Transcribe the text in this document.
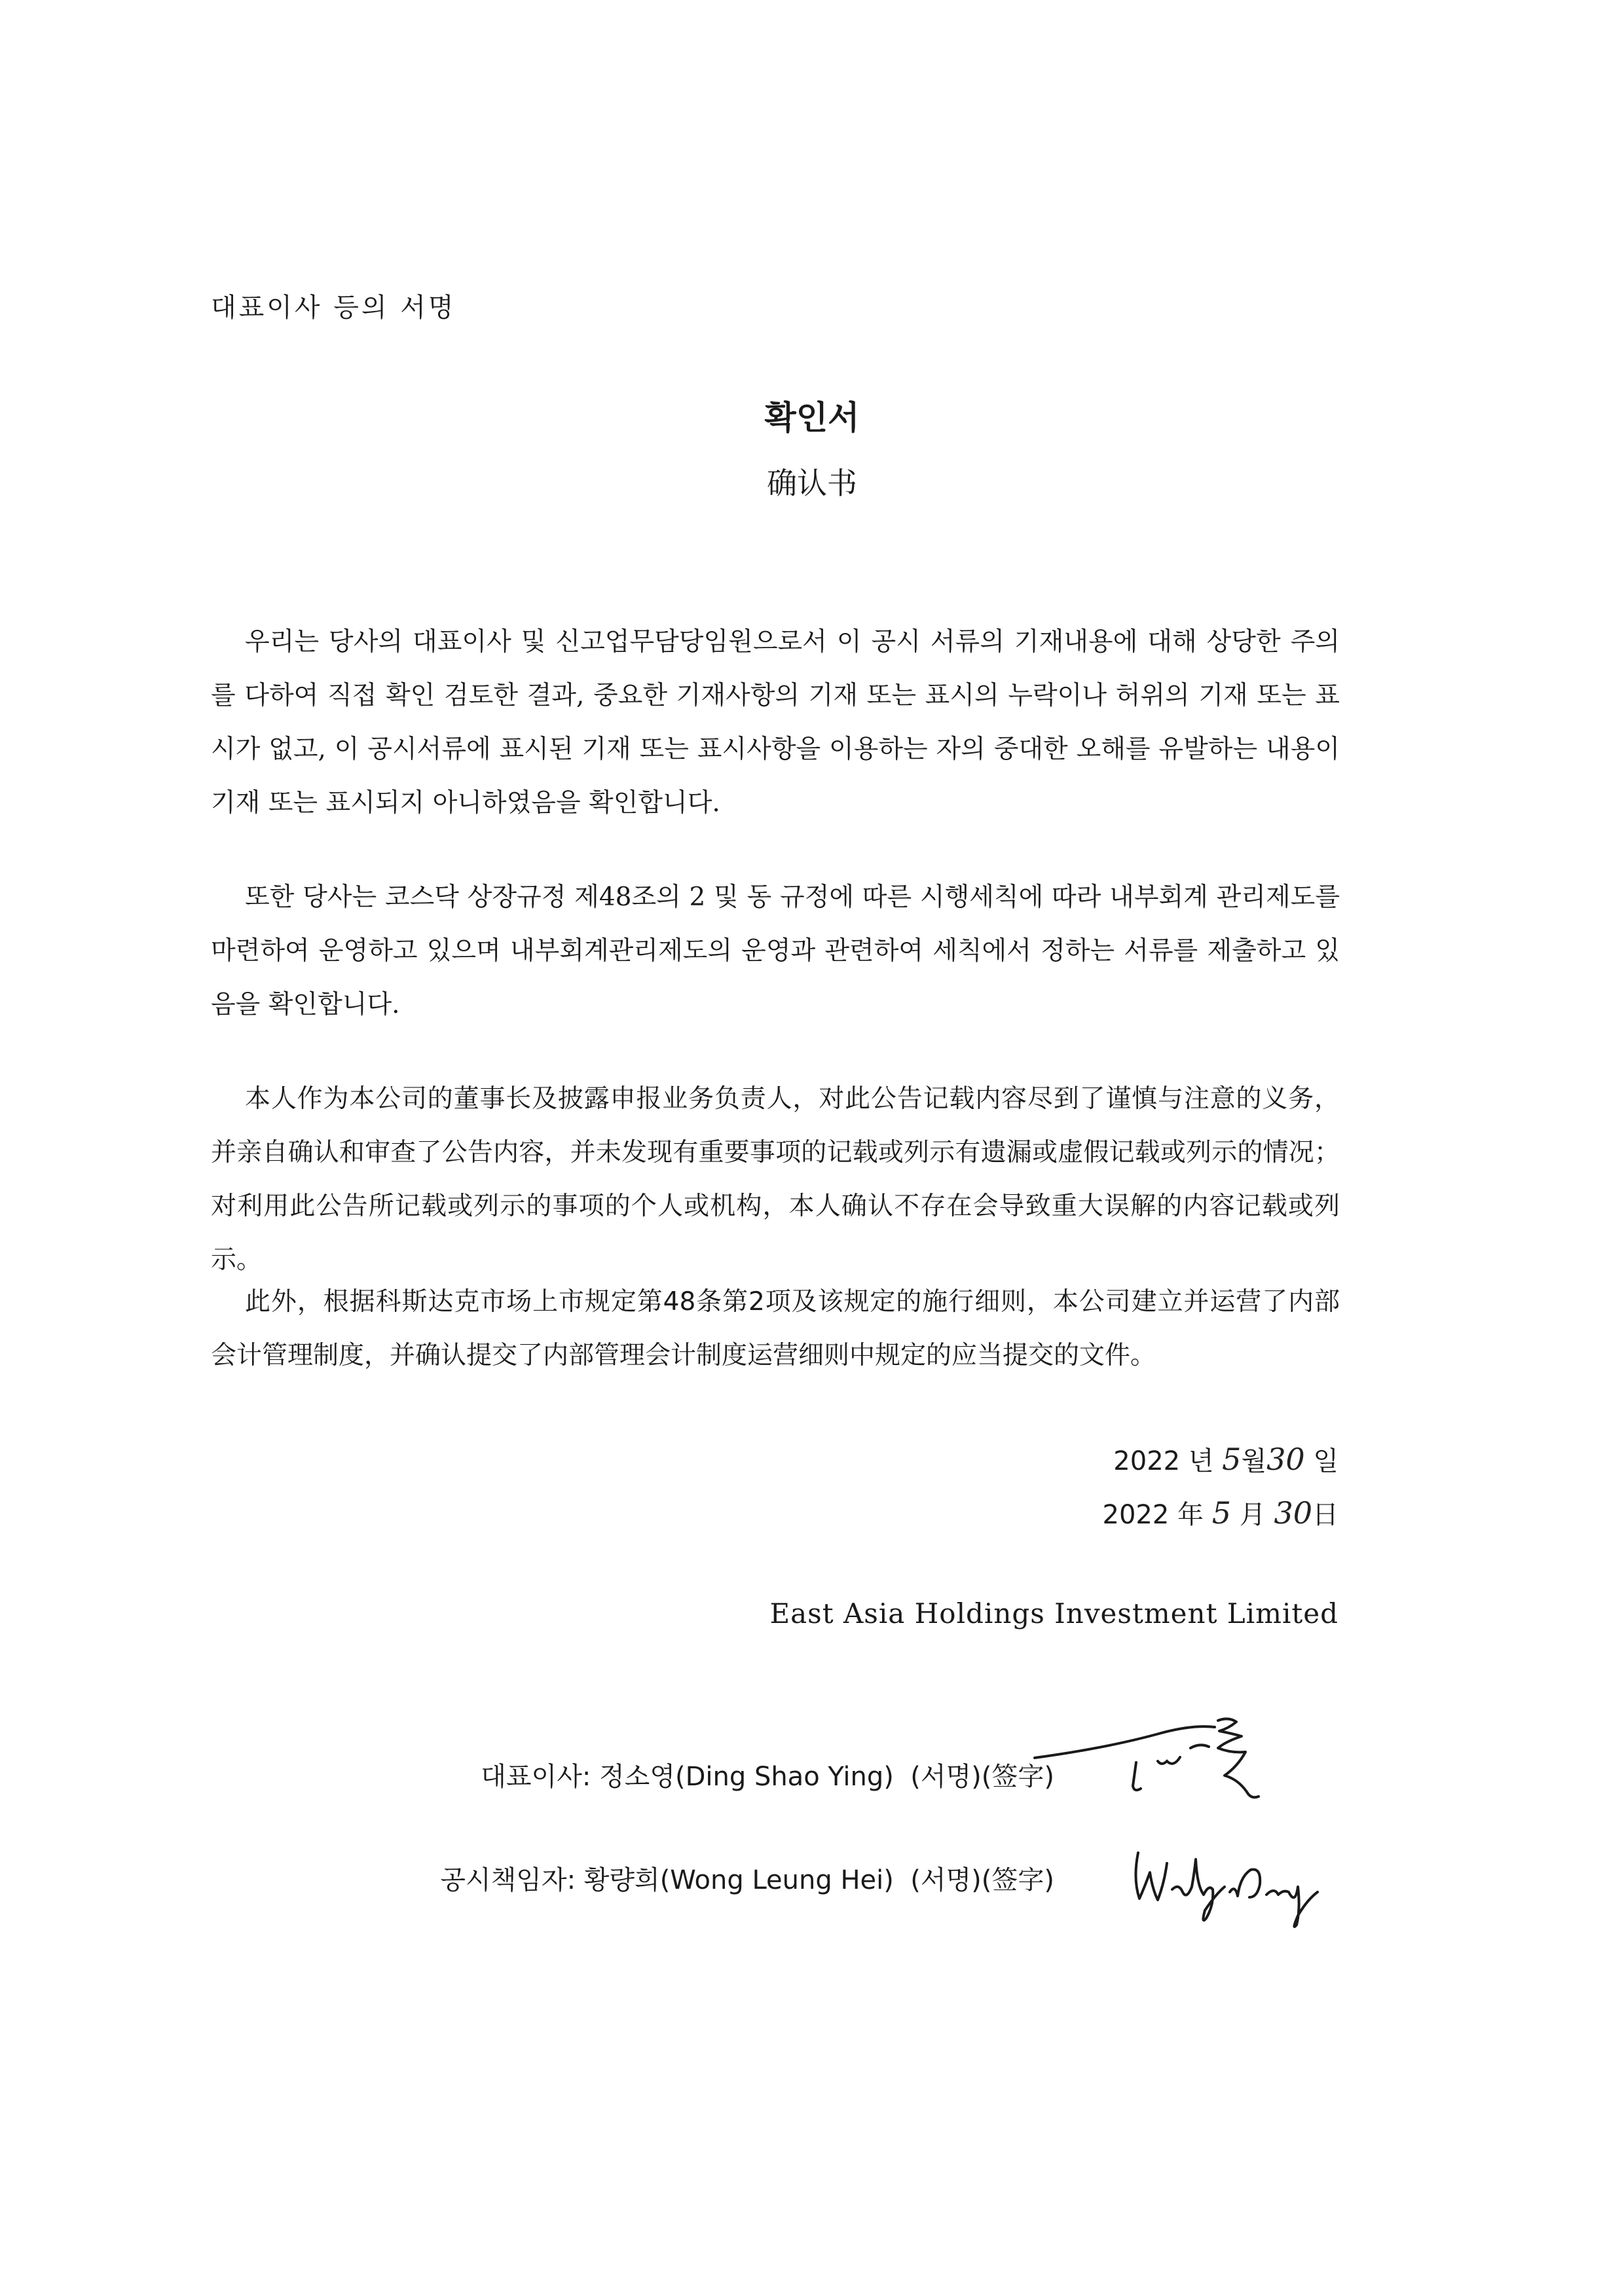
대표이사 등의 서명
확인서
确认书
우리는 당사의 대표이사 및 신고업무담당임원으로서 이 공시 서류의 기재내용에 대해 상당한 주의를 다하여 직접 확인 검토한 결과, 중요한 기재사항의 기재 또는 표시의 누락이나 허위의 기재 또는 표시가 없고, 이 공시서류에 표시된 기재 또는 표시사항을 이용하는 자의 중대한 오해를 유발하는 내용이 기재 또는 표시되지 아니하였음을 확인합니다.
또한 당사는 코스닥 상장규정 제48조의 2 및 동 규정에 따른 시행세칙에 따라 내부회계 관리제도를 마련하여 운영하고 있으며 내부회계관리제도의 운영과 관련하여 세칙에서 정하는 서류를 제출하고 있음을 확인합니다.
本人作为本公司的董事长及披露申报业务负责人，对此公告记载内容尽到了谨慎与注意的义务，并亲自确认和审查了公告内容，并未发现有重要事项的记载或列示有遗漏或虚假记载或列示的情况；对利用此公告所记载或列示的事项的个人或机构，本人确认不存在会导致重大误解的内容记载或列示。
此外，根据科斯达克市场上市规定第48条第2项及该规定的施行细则，本公司建立并运营了内部会计管理制度，并确认提交了内部管理会计制度运营细则中规定的应当提交的文件。
2022 년 5월30 일
2022 年 5 月 30日
East Asia Holdings Investment Limited
대표이사: 정소영(Ding Shao Ying) (서명)(签字)
공시책임자: 황량희(Wong Leung Hei) (서명)(签字)
